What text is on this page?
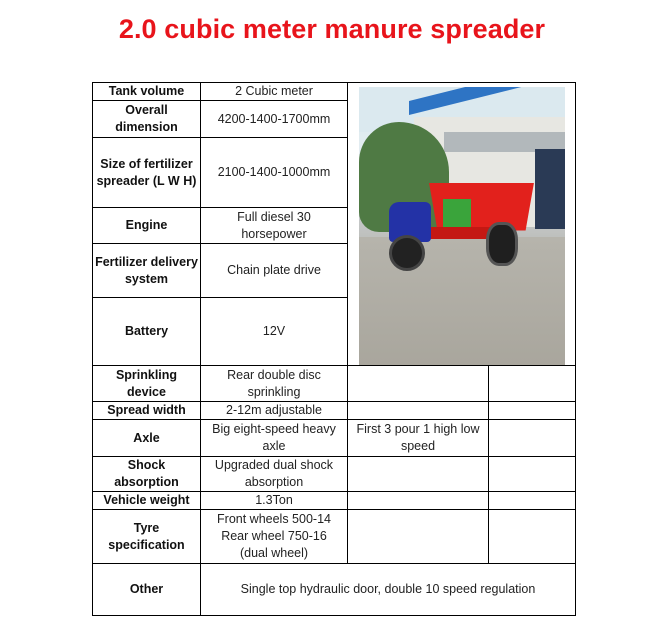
2.0 cubic meter manure spreader
Tank volume	2 Cubic meter		

Overall dimension	4200-1400-1700mm		
Size of fertilizer spreader (L W H)	2100-1400-1000mm		
Engine	Full diesel 30 horsepower		
Fertilizer delivery system	Chain plate drive		
Battery	12V		
Sprinkling device	Rear double disc sprinkling		
Spread width	2-12m adjustable		
Axle	Big eight-speed heavy axle	First 3 pour 1 high low speed	
Shock absorption	Upgraded dual shock absorption		
Vehicle weight	1.3Ton		
Tyre specification	Front wheels 500-14 Rear wheel 750-16 (dual wheel)		
Other	Single top hydraulic door, double 10 speed regulation		
